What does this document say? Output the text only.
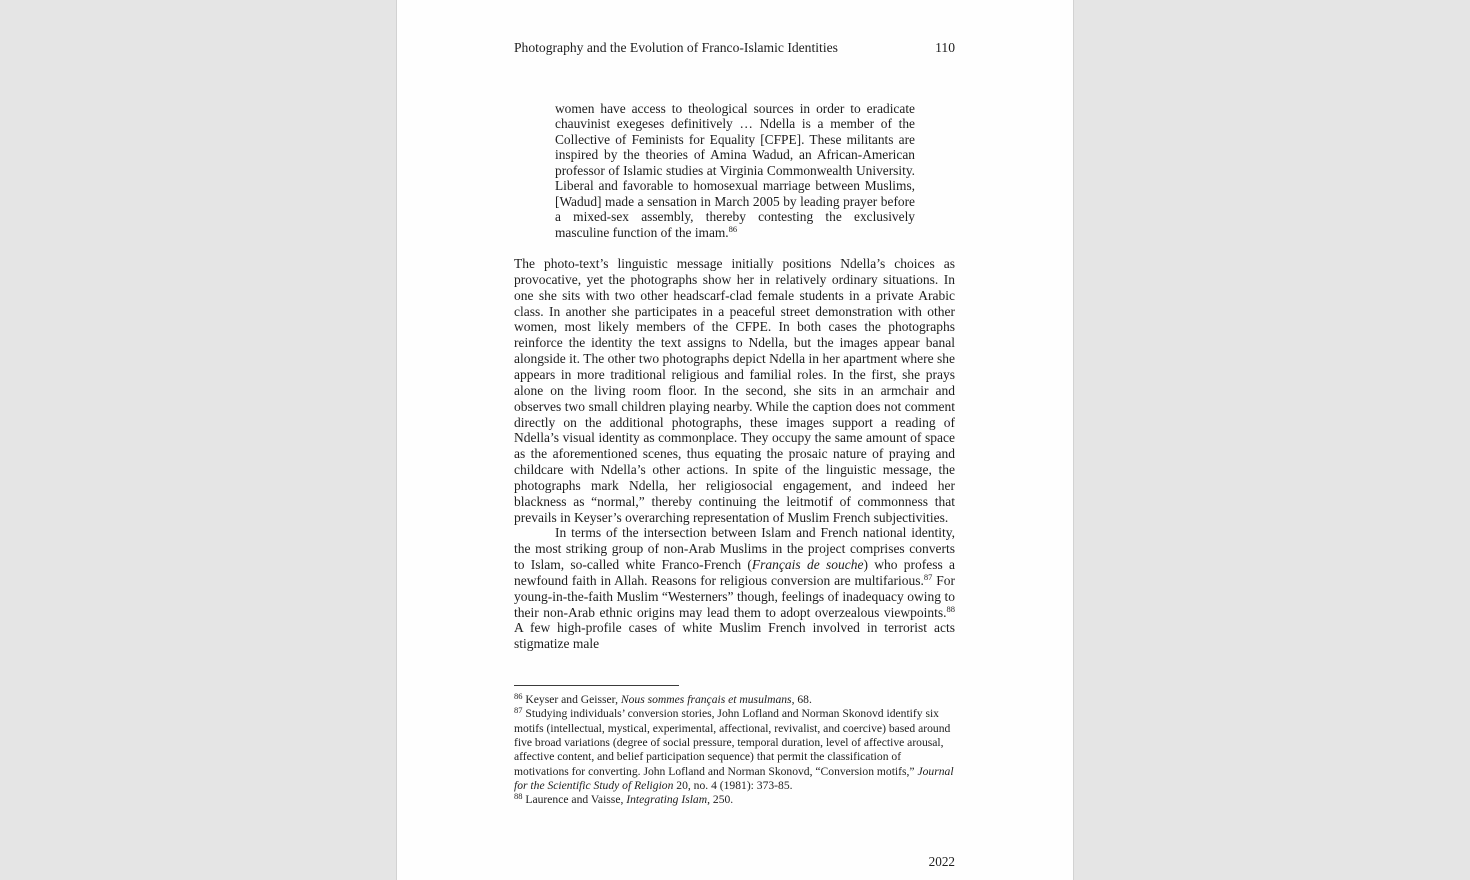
Photography and the Evolution of Franco-Islamic Identities	110
women have access to theological sources in order to eradicate chauvinist exegeses definitively … Ndella is a member of the Collective of Feminists for Equality [CFPE]. These militants are inspired by the theories of Amina Wadud, an African-American professor of Islamic studies at Virginia Commonwealth University. Liberal and favorable to homosexual marriage between Muslims, [Wadud] made a sensation in March 2005 by leading prayer before a mixed-sex assembly, thereby contesting the exclusively masculine function of the imam.$^{86}$

The photo-text’s linguistic message initially positions Ndella’s choices as provocative, yet the photographs show her in relatively ordinary situations. In one she sits with two other headscarf-clad female students in a private Arabic class. In another she participates in a peaceful street demonstration with other women, most likely members of the CFPE. In both cases the photographs reinforce the identity the text assigns to Ndella, but the images appear banal alongside it. The other two photographs depict Ndella in her apartment where she appears in more traditional religious and familial roles. In the first, she prays alone on the living room floor. In the second, she sits in an armchair and observes two small children playing nearby. While the caption does not comment directly on the additional photographs, these images support a reading of Ndella’s visual identity as commonplace. They occupy the same amount of space as the aforementioned scenes, thus equating the prosaic nature of praying and childcare with Ndella’s other actions. In spite of the linguistic message, the photographs mark Ndella, her religiosocial engagement, and indeed her blackness as “normal,” thereby continuing the leitmotif of commonness that prevails in Keyser’s overarching representation of Muslim French subjectivities.

In terms of the intersection between Islam and French national identity, the most striking group of non-Arab Muslims in the project comprises converts to Islam, so-called white Franco-French (Français de souche) who profess a newfound faith in Allah. Reasons for religious conversion are multifarious.$^{87}$ For young-in-the-faith Muslim “Westerners” though, feelings of inadequacy owing to their non-Arab ethnic origins may lead them to adopt overzealous viewpoints.$^{88}$ A few high-profile cases of white Muslim French involved in terrorist acts stigmatize male

$^{86}$ Keyser and Geisser, Nous sommes français et musulmans, 68.

$^{87}$ Studying individuals’ conversion stories, John Lofland and Norman Skonovd identify six motifs (intellectual, mystical, experimental, affectional, revivalist, and coercive) based around five broad variations (degree of social pressure, temporal duration, level of affective arousal, affective content, and belief participation sequence) that permit the classification of motivations for converting. John Lofland and Norman Skonovd, “Conversion motifs,” Journal for the Scientific Study of Religion 20, no. 4 (1981): 373-85.

$^{88}$ Laurence and Vaisse, Integrating Islam, 250.

2022
